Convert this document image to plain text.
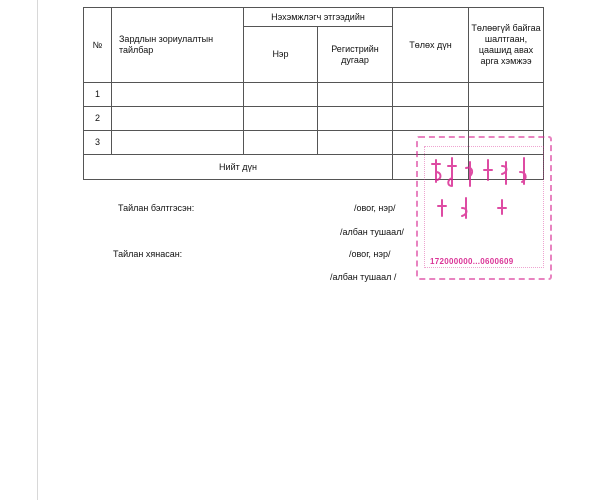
№	Зардлын зориулалтын тайлбар	Нэхэмжлэгч этгээдийн		Төлөх дүн	Төлөөгүй байгаа шалтгаан, цаашид авах арга хэмжээ
		Нэр	Регистрийн дугаар		
1					
2					
3					
Нийт дүн					
Тайлан бэлтгэсэн:	/овог, нэр/
/албан тушаал/
Тайлан хянасан:	/овог, нэр/
/албан тушаал /
172000000...0600609
